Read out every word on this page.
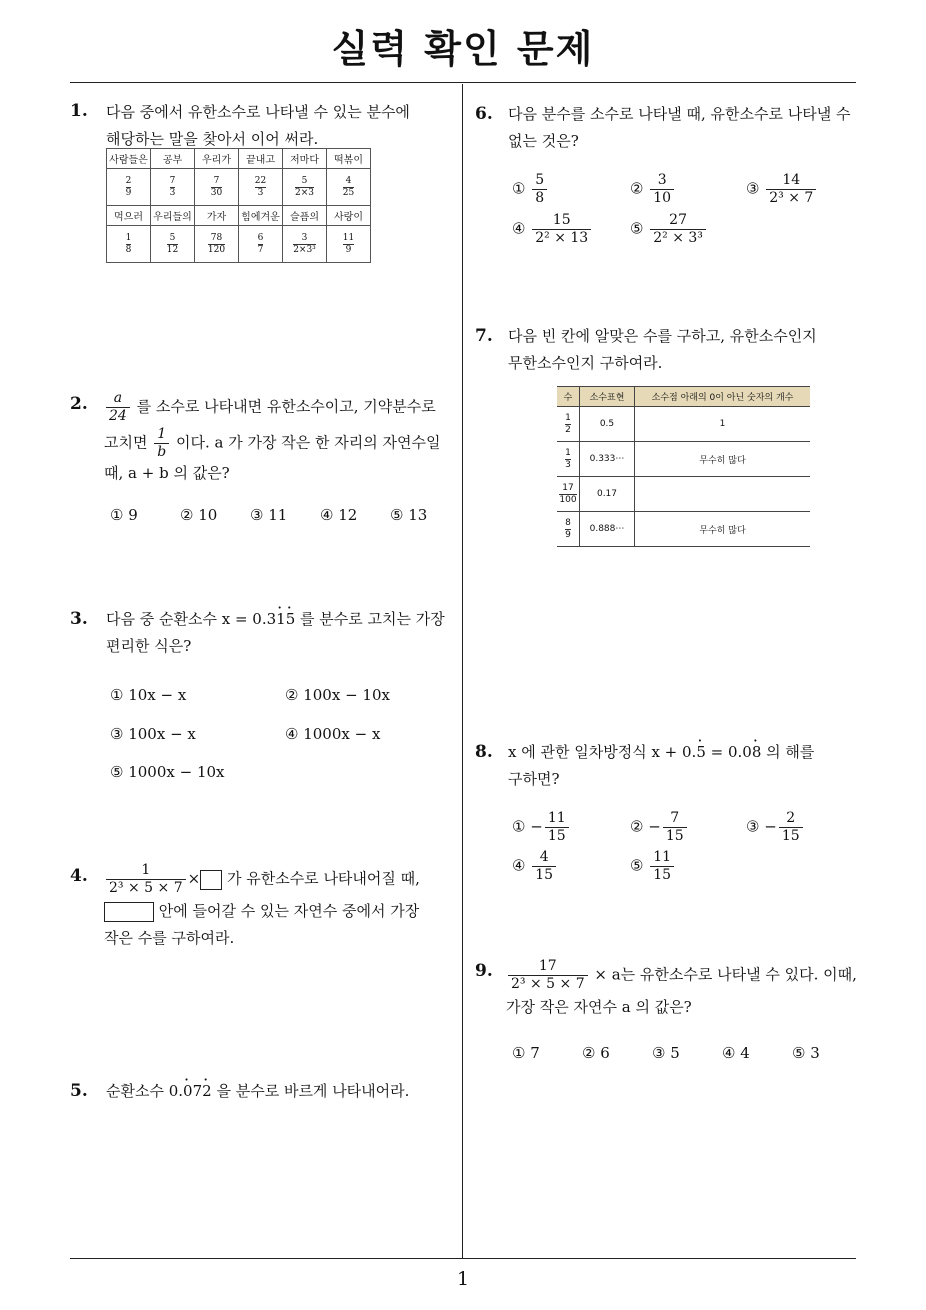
실력 확인 문제
1
1. 다음 중에서 유한소수로 나타낼 수 있는 분수에
해당하는 말을 찾아서 이어 써라.
사람들은	공부	우리가	끝내고	저마다	떡볶이

$\frac{2}{9}$	$\frac{7}{3}$	$\frac{7}{30}$	$\frac{22}{3}$	$\frac{5}{2\times 3}$	$\frac{4}{25}$

먹으러	우리들의	가자	힘에겨운	슬픔의	사랑이

$\frac{1}{8}$	$\frac{5}{12}$	$\frac{78}{120}$	$\frac{6}{7}$	$\frac{3}{\text{2×3³}}$	$\frac{11}{9}$
2. $\frac{a}{24}$ 를 소수로 나타내면 유한소수이고, 기약분수로
고치면 $\frac{1}{b}$ 이다. a 가 가장 작은 한 자리의 자연수일
때, a + b 의 값은?
① 9	② 10 ③ 11 ④ 12 ⑤ 13
3. 다음 중 순환소수 x = 0.31 ·5 · 를 분수로 고치는 가장
편리한 식은?
① 10x − x	② 100x − 10x
③ 100x − x	④ 1000x − x
⑤ 1000x − 10x
4. $\frac{1}{\text{2³ × 5 × 7}}$ × 가 유한소수로 나타내어질 때,
안에 들어갈 수 있는 자연수 중에서 가장
작은 수를 구하여라.
5. 순환소수 0.0 ·72 · 을 분수로 바르게 나타내어라.
6. 다음 분수를 소수로 나타낼 때, 유한소수로 나타낼 수
없는 것은?
① $\frac{5}{8}$	② $\frac{3}{10}$	③ $\frac{14}{\text{2³ × 7}}$
④ $\frac{15}{\text{2² × 13}}$	⑤ $\frac{27}{\text{2² × 3³}}$
7. 다음 빈 칸에 알맞은 수를 구하고, 유한소수인지
무한소수인지 구하여라.
수	소수표현	소수점 아래의 0이 아닌 숫자의 개수

$\frac{1}{2}$	0.5	1

$\frac{1}{3}$	0.333⋯	무수히 많다

$\frac{17}{100}$	0.17	

$\frac{8}{9}$	0.888⋯	무수히 많다
8. x 에 관한 일차방정식 x + 0.5 · = 0.08 · 의 해를
구하면?
① − $\frac{11}{15}$	② − $\frac{7}{15}$	③ − $\frac{2}{15}$
④ $\frac{4}{15}$	⑤ $\frac{11}{15}$
9. $\frac{17}{\text{2³ × 5 × 7}} \times a$는 유한소수로 나타낼 수 있다. 이때,
가장 작은 자연수 a 의 값은?
① 7	② 6	③ 5	④ 4	⑤ 3
